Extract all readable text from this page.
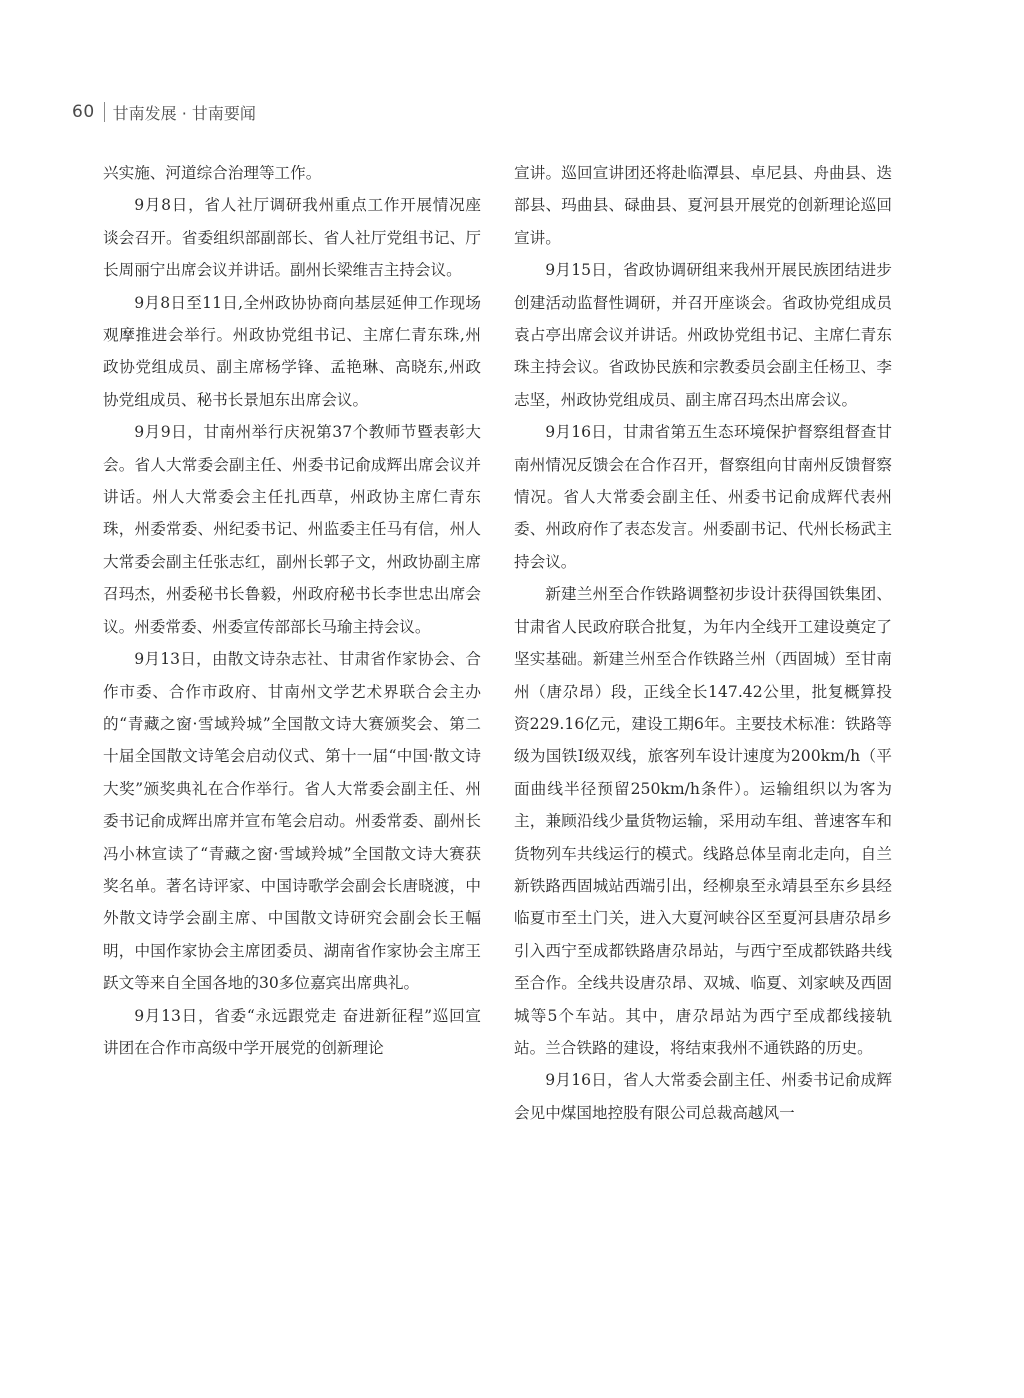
60 甘南发展 · 甘南要闻

兴实施、河道综合治理等工作。

9月8日，省人社厅调研我州重点工作开展情况座谈会召开。省委组织部副部长、省人社厅党组书记、厅长周丽宁出席会议并讲话。副州长梁维吉主持会议。

9月8日至11日,全州政协协商向基层延伸工作现场观摩推进会举行。州政协党组书记、主席仁青东珠,州政协党组成员、副主席杨学锋、孟艳琳、高晓东,州政协党组成员、秘书长景旭东出席会议。

9月9日，甘南州举行庆祝第37个教师节暨表彰大会。省人大常委会副主任、州委书记俞成辉出席会议并讲话。州人大常委会主任扎西草，州政协主席仁青东珠，州委常委、州纪委书记、州监委主任马有信，州人大常委会副主任张志红，副州长郭子文，州政协副主席召玛杰，州委秘书长鲁毅，州政府秘书长李世忠出席会议。州委常委、州委宣传部部长马瑜主持会议。

9月13日，由散文诗杂志社、甘肃省作家协会、合作市委、合作市政府、甘南州文学艺术界联合会主办的“青藏之窗·雪域羚城”全国散文诗大赛颁奖会、第二十届全国散文诗笔会启动仪式、第十一届“中国·散文诗大奖”颁奖典礼在合作举行。省人大常委会副主任、州委书记俞成辉出席并宣布笔会启动。州委常委、副州长冯小林宣读了“青藏之窗·雪域羚城”全国散文诗大赛获奖名单。著名诗评家、中国诗歌学会副会长唐晓渡，中外散文诗学会副主席、中国散文诗研究会副会长王幅明，中国作家协会主席团委员、湖南省作家协会主席王跃文等来自全国各地的30多位嘉宾出席典礼。

9月13日，省委“永远跟党走 奋进新征程”巡回宣讲团在合作市高级中学开展党的创新理论

宣讲。巡回宣讲团还将赴临潭县、卓尼县、舟曲县、迭部县、玛曲县、碌曲县、夏河县开展党的创新理论巡回宣讲。

9月15日，省政协调研组来我州开展民族团结进步创建活动监督性调研，并召开座谈会。省政协党组成员袁占亭出席会议并讲话。州政协党组书记、主席仁青东珠主持会议。省政协民族和宗教委员会副主任杨卫、李志坚，州政协党组成员、副主席召玛杰出席会议。

9月16日，甘肃省第五生态环境保护督察组督查甘南州情况反馈会在合作召开，督察组向甘南州反馈督察情况。省人大常委会副主任、州委书记俞成辉代表州委、州政府作了表态发言。州委副书记、代州长杨武主持会议。

新建兰州至合作铁路调整初步设计获得国铁集团、甘肃省人民政府联合批复，为年内全线开工建设奠定了坚实基础。新建兰州至合作铁路兰州（西固城）至甘南州（唐尕昂）段，正线全长147.42公里，批复概算投资229.16亿元，建设工期6年。主要技术标准：铁路等级为国铁Ⅰ级双线，旅客列车设计速度为200km/h（平面曲线半径预留250km/h条件）。运输组织以为客为主，兼顾沿线少量货物运输，采用动车组、普速客车和货物列车共线运行的模式。线路总体呈南北走向，自兰新铁路西固城站西端引出，经柳泉至永靖县至东乡县经临夏市至土门关，进入大夏河峡谷区至夏河县唐尕昂乡引入西宁至成都铁路唐尕昂站，与西宁至成都铁路共线至合作。全线共设唐尕昂、双城、临夏、刘家峡及西固城等5个车站。其中，唐尕昂站为西宁至成都线接轨站。兰合铁路的建设，将结束我州不通铁路的历史。

9月16日，省人大常委会副主任、州委书记俞成辉会见中煤国地控股有限公司总裁高越风一
